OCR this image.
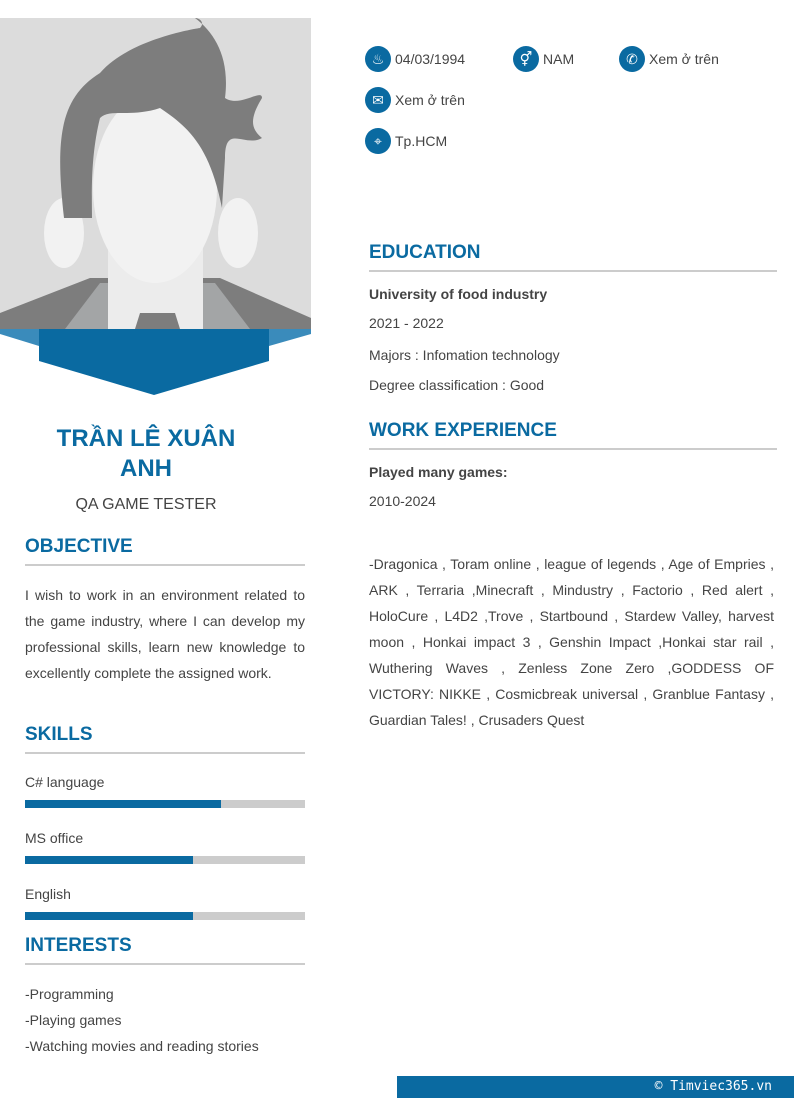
TRẦN LÊ XUÂN ANH
QA GAME TESTER
OBJECTIVE
I wish to work in an environment related to the game industry, where I can develop my professional skills, learn new knowledge to excellently complete the assigned work.
SKILLS
C# language
MS office
English
INTERESTS
-Programming
-Playing games
-Watching movies and reading stories
♨ 04/03/1994	⚥ NAM	✆ Xem ở trên
✉ Xem ở trên
⌖ Tp.HCM
EDUCATION
University of food industry
2021 - 2022
Majors : Infomation technology
Degree classification : Good
WORK EXPERIENCE
Played many games:
2010-2024
-Dragonica , Toram online , league of legends , Age of Empries , ARK , Terraria ,Minecraft , Mindustry , Factorio , Red alert , HoloCure , L4D2 ,Trove , Startbound , Stardew Valley, harvest moon , Honkai impact 3 , Genshin Impact ,Honkai star rail , Wuthering Waves , Zenless Zone Zero ,GODDESS OF VICTORY: NIKKE , Cosmicbreak universal , Granblue Fantasy , Guardian Tales! , Crusaders Quest
© Timviec365.vn
